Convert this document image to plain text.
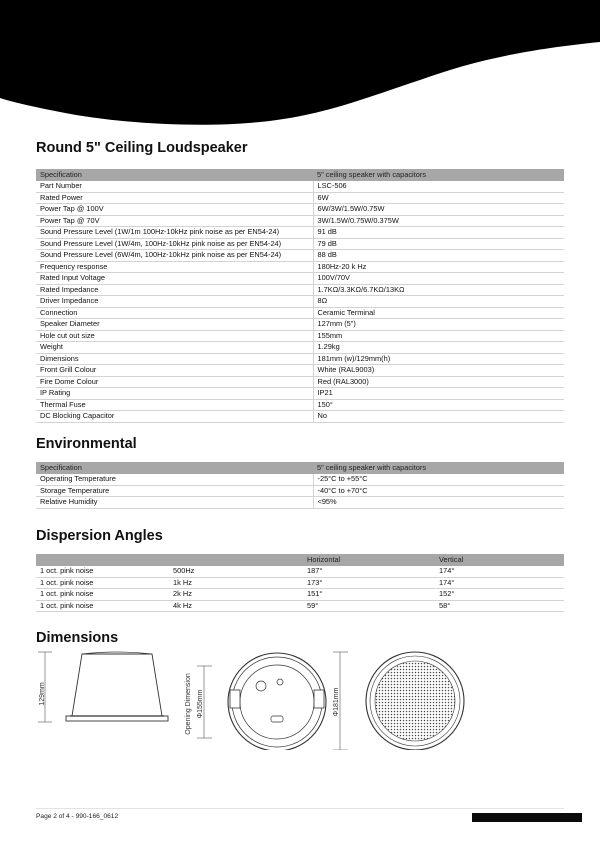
Round 5" Ceiling Loudspeaker
Specification	5" ceiling speaker with capacitors
Part Number	LSC-506
Rated Power	6W
Power Tap @ 100V	6W/3W/1.5W/0.75W
Power Tap @ 70V	3W/1.5W/0.75W/0.375W
Sound Pressure Level (1W/1m 100Hz-10kHz pink noise as per EN54-24)	91 dB
Sound Pressure Level (1W/4m, 100Hz-10kHz pink noise as per EN54-24)	79 dB
Sound Pressure Level (6W/4m, 100Hz-10kHz pink noise as per EN54-24)	88 dB
Frequency response	180Hz-20 k Hz
Rated Input Voltage	100V/70V
Rated Impedance	1.7KΩ/3.3KΩ/6.7KΩ/13KΩ
Driver Impedance	8Ω
Connection	Ceramic Terminal
Speaker Diameter	127mm (5")
Hole cut out size	155mm
Weight	1.29kg
Dimensions	181mm (w)/129mm(h)
Front Grill Colour	White (RAL9003)
Fire Dome Colour	Red (RAL3000)
IP Rating	IP21
Thermal Fuse	150°
DC Blocking Capacitor	No
Environmental
Specification	5" ceiling speaker with capacitors
Operating Temperature	-25°C to +55°C
Storage Temperature	-40°C to +70°C
Relative Humidity	<95%
Dispersion Angles
		Horizontal	Vertical
1 oct. pink noise	500Hz	187°	174°
1 oct. pink noise	1k Hz	173°	174°
1 oct. pink noise	2k Hz	151°	152°
1 oct. pink noise	4k Hz	59°	58°
Dimensions
129mm	Opening Dimension Φ155mm	Φ181mm
Page 2 of 4 - 990-166_0612
